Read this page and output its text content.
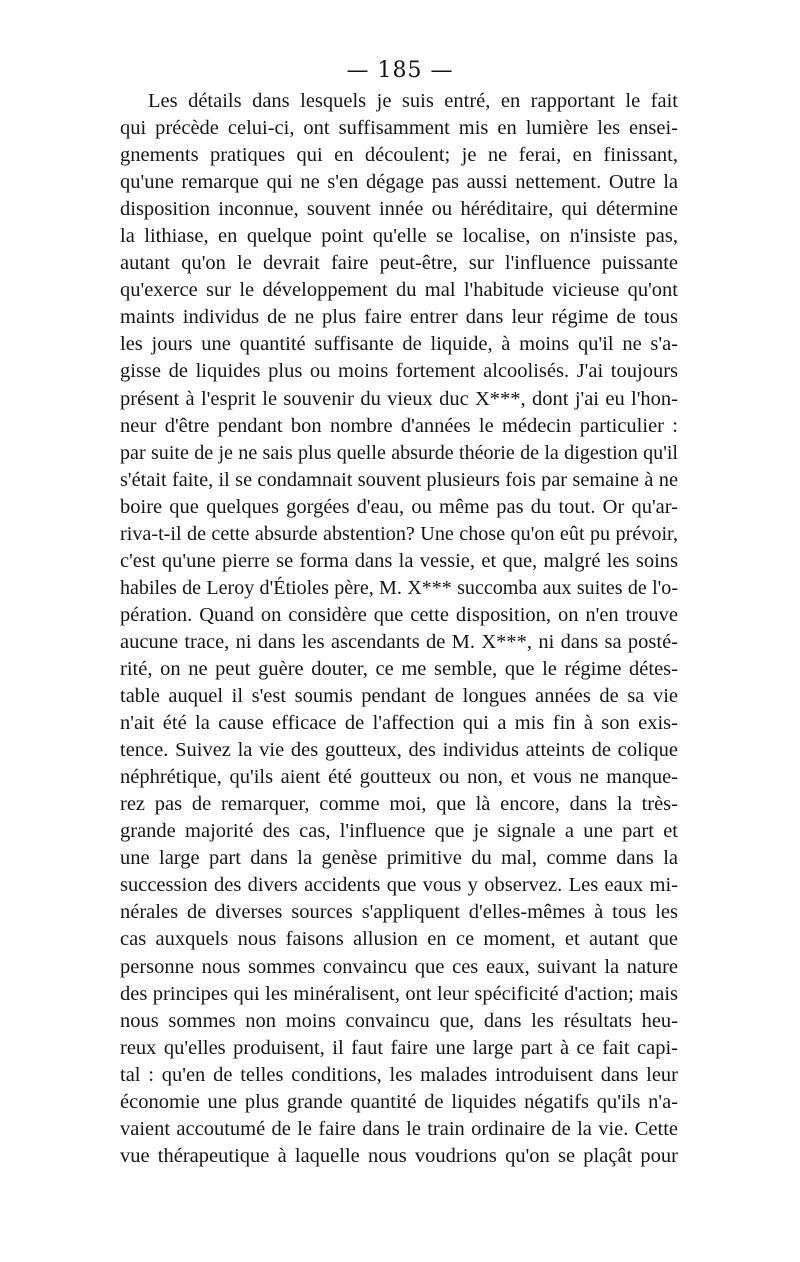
— 185 —
Les détails dans lesquels je suis entré, en rapportant le fait
qui précède celui-ci, ont suffisamment mis en lumière les ensei-
gnements pratiques qui en découlent; je ne ferai, en finissant,
qu'une remarque qui ne s'en dégage pas aussi nettement. Outre la
disposition inconnue, souvent innée ou héréditaire, qui détermine
la lithiase, en quelque point qu'elle se localise, on n'insiste pas,
autant qu'on le devrait faire peut-être, sur l'influence puissante
qu'exerce sur le développement du mal l'habitude vicieuse qu'ont
maints individus de ne plus faire entrer dans leur régime de tous
les jours une quantité suffisante de liquide, à moins qu'il ne s'a-
gisse de liquides plus ou moins fortement alcoolisés. J'ai toujours
présent à l'esprit le souvenir du vieux duc X***, dont j'ai eu l'hon-
neur d'être pendant bon nombre d'années le médecin particulier :
par suite de je ne sais plus quelle absurde théorie de la digestion qu'il
s'était faite, il se condamnait souvent plusieurs fois par semaine à ne
boire que quelques gorgées d'eau, ou même pas du tout. Or qu'ar-
riva-t-il de cette absurde abstention? Une chose qu'on eût pu prévoir,
c'est qu'une pierre se forma dans la vessie, et que, malgré les soins
habiles de Leroy d'Étioles père, M. X*** succomba aux suites de l'o-
pération. Quand on considère que cette disposition, on n'en trouve
aucune trace, ni dans les ascendants de M. X***, ni dans sa posté-
rité, on ne peut guère douter, ce me semble, que le régime détes-
table auquel il s'est soumis pendant de longues années de sa vie
n'ait été la cause efficace de l'affection qui a mis fin à son exis-
tence. Suivez la vie des goutteux, des individus atteints de colique
néphrétique, qu'ils aient été goutteux ou non, et vous ne manque-
rez pas de remarquer, comme moi, que là encore, dans la très-
grande majorité des cas, l'influence que je signale a une part et
une large part dans la genèse primitive du mal, comme dans la
succession des divers accidents que vous y observez. Les eaux mi-
nérales de diverses sources s'appliquent d'elles-mêmes à tous les
cas auxquels nous faisons allusion en ce moment, et autant que
personne nous sommes convaincu que ces eaux, suivant la nature
des principes qui les minéralisent, ont leur spécificité d'action; mais
nous sommes non moins convaincu que, dans les résultats heu-
reux qu'elles produisent, il faut faire une large part à ce fait capi-
tal : qu'en de telles conditions, les malades introduisent dans leur
économie une plus grande quantité de liquides négatifs qu'ils n'a-
vaient accoutumé de le faire dans le train ordinaire de la vie. Cette
vue thérapeutique à laquelle nous voudrions qu'on se plaçât pour
